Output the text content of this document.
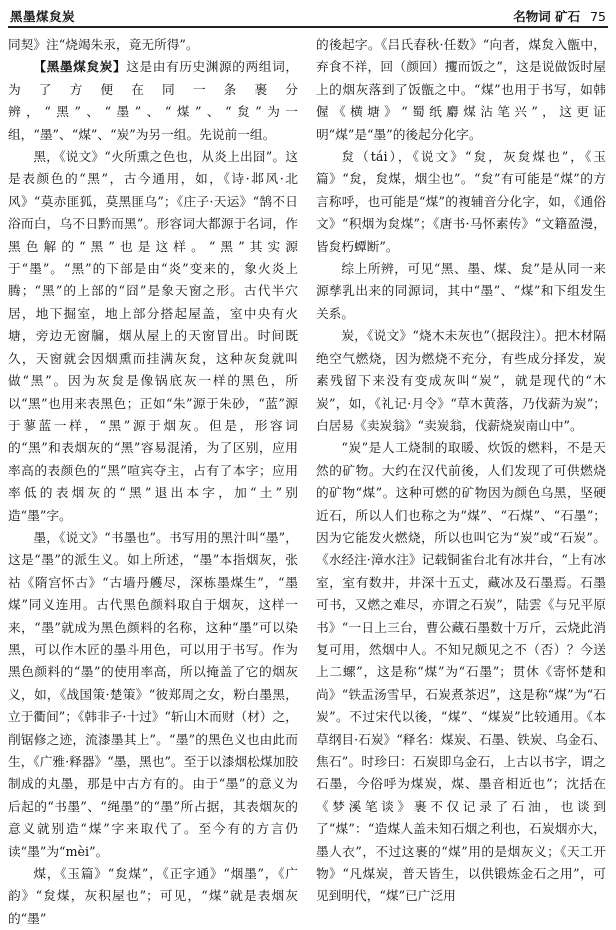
黑墨煤炱炭	名物词 矿石 75

同契》注“烧竭朱汞，竟无所得”。

【黑墨煤炱炭】这是由有历史渊源的两组词，为了方便在同一条裹分辨，“黑”、“墨”、“煤”、“炱”为一组，“墨”、“煤”、“炭”为另一组。先说前一组。

黑，《说文》“火所熏之色也，从炎上出囧”。这是表颜色的“黑”，古今通用，如，《诗·邶风·北风》“莫赤匪狐，莫黑匪乌”；《庄子·天运》“鹄不日浴而白，乌不日黔而黑”。形容词大都源于名词，作黑色解的“黑”也是这样。“黑”其实源于“墨”。“黑”的下部是由“炎”变来的，象火炎上腾；“黑”的上部的“囧”是象天窗之形。古代半穴居，地下掘室，地上部分搭起屋盖，室中央有火塘，旁边无窗牖，烟从屋上的天窗冒出。时间既久，天窗就会因烟熏而挂满灰炱，这种灰炱就叫做“黑”。因为灰炱是像锅底灰一样的黑色，所以“黑”也用来表黑色；正如“朱”源于朱砂，“蓝”源于蓼蓝一样，“黑”源于烟灰。但是，形容词的“黑”和表烟灰的“黑”容易混淆，为了区别，应用率高的表颜色的“黑”喧宾夺主，占有了本字；应用率低的表烟灰的“黑”退出本字，加“土”别造“墨”字。

墨，《说文》“书墨也”。书写用的黑汁叫“墨”，这是“墨”的派生义。如上所述，“墨”本指烟灰，张祜《隋宫怀古》“古墙丹艧尽，深栋墨煤生”，“墨煤”同义连用。古代黑色颜料取自于烟灰，这样一来，“墨”就成为黑色颜料的名称，这种“墨”可以染黑，可以作木匠的墨斗用色，可以用于书写。作为黑色颜料的“墨”的使用率高，所以掩盖了它的烟灰义，如，《战国策·楚策》“彼郑周之女，粉白墨黑，立于衢间”；《韩非子·十过》“斩山木而财（材）之，削锯修之迹，流漆墨其上”。“墨”的黑色义也由此而生，《广雅·释器》“墨，黑也”。至于以漆烟松煤加胶制成的丸墨，那是中古方有的。由于“墨”的意义为后起的“书墨”、“绳墨”的“墨”所占据，其表烟灰的意义就别造“煤”字来取代了。至今有的方言仍读“墨”为“mèi”。

煤，《玉篇》“炱煤”，《正字通》“烟墨”，《广韵》“炱煤，灰积屋也”；可见，“煤”就是表烟灰的“墨”

的後起字。《吕氏春秋·任数》“向者，煤炱入甑中，弃食不祥，回（颜回）攫而饭之”，这是说做饭时屋上的烟灰落到了饭甑之中。“煤”也用于书写，如韩偓《横塘》“蜀纸麝煤沾笔兴”，这更证明“煤”是“墨”的後起分化字。

炱（tái），《说文》“炱，灰炱煤也”，《玉篇》“炱，炱煤，烟尘也”。“炱”有可能是“煤”的方言称呼，也可能是“煤”的複辅音分化字，如，《通俗文》“积烟为炱煤”；《唐书·马怀素传》“文籍盈漫，皆炱朽蟫断”。

综上所辨，可见“黑、墨、煤、炱”是从同一来源孳乳出来的同源词，其中“墨”、“煤”和下组发生关系。

炭，《说文》“烧木未灰也”（据段注）。把木材隔绝空气燃烧，因为燃烧不充分，有些成分择发，炭素残留下来没有变成灰叫“炭”，就是现代的“木炭”，如，《礼记·月令》“草木黄落，乃伐薪为炭”；白居易《卖炭翁》“卖炭翁，伐薪烧炭南山中”。

“炭”是人工烧制的取暖、炊饭的燃料，不是天然的矿物。大约在汉代前後，人们发现了可供燃烧的矿物“煤”。这种可燃的矿物因为颜色乌黑，坚硬近石，所以人们也称之为“煤”、“石煤”、“石墨”；因为它能发火燃烧，所以也叫它为“炭”或“石炭”。《水经注·漳水注》记载铜雀台北有冰井台，“上有冰室，室有数井，井深十五丈，藏冰及石墨焉。石墨可书，又燃之难尽，亦谓之石炭”，陆雲《与兄平原书》“一日上三台，曹公藏石墨数十万斤，云烧此消复可用，然烟中人。不知兄颇见之不（否）？今送上二螺”，这是称“煤”为“石墨”；贯休《寄怀楚和尚》“铁盂汤雪早，石炭煮茶迟”，这是称“煤”为“石炭”。不过宋代以後，“煤”、“煤炭”比较通用。《本草纲目·石炭》“释名：煤炭、石墨、铁炭、乌金石、焦石”。时珍曰：石炭即乌金石，上古以书字，谓之石墨，今俗呼为煤炭，煤、墨音相近也”；沈括在《梦溪笔谈》裹不仅记录了石油，也谈到了“煤”：“造煤人盖未知石烟之利也，石炭烟亦大，墨人衣”，不过这裹的“煤”用的是烟灰义；《天工开物》“凡煤炭，普天皆生，以供锻炼金石之用”，可见到明代，“煤”已广泛用
